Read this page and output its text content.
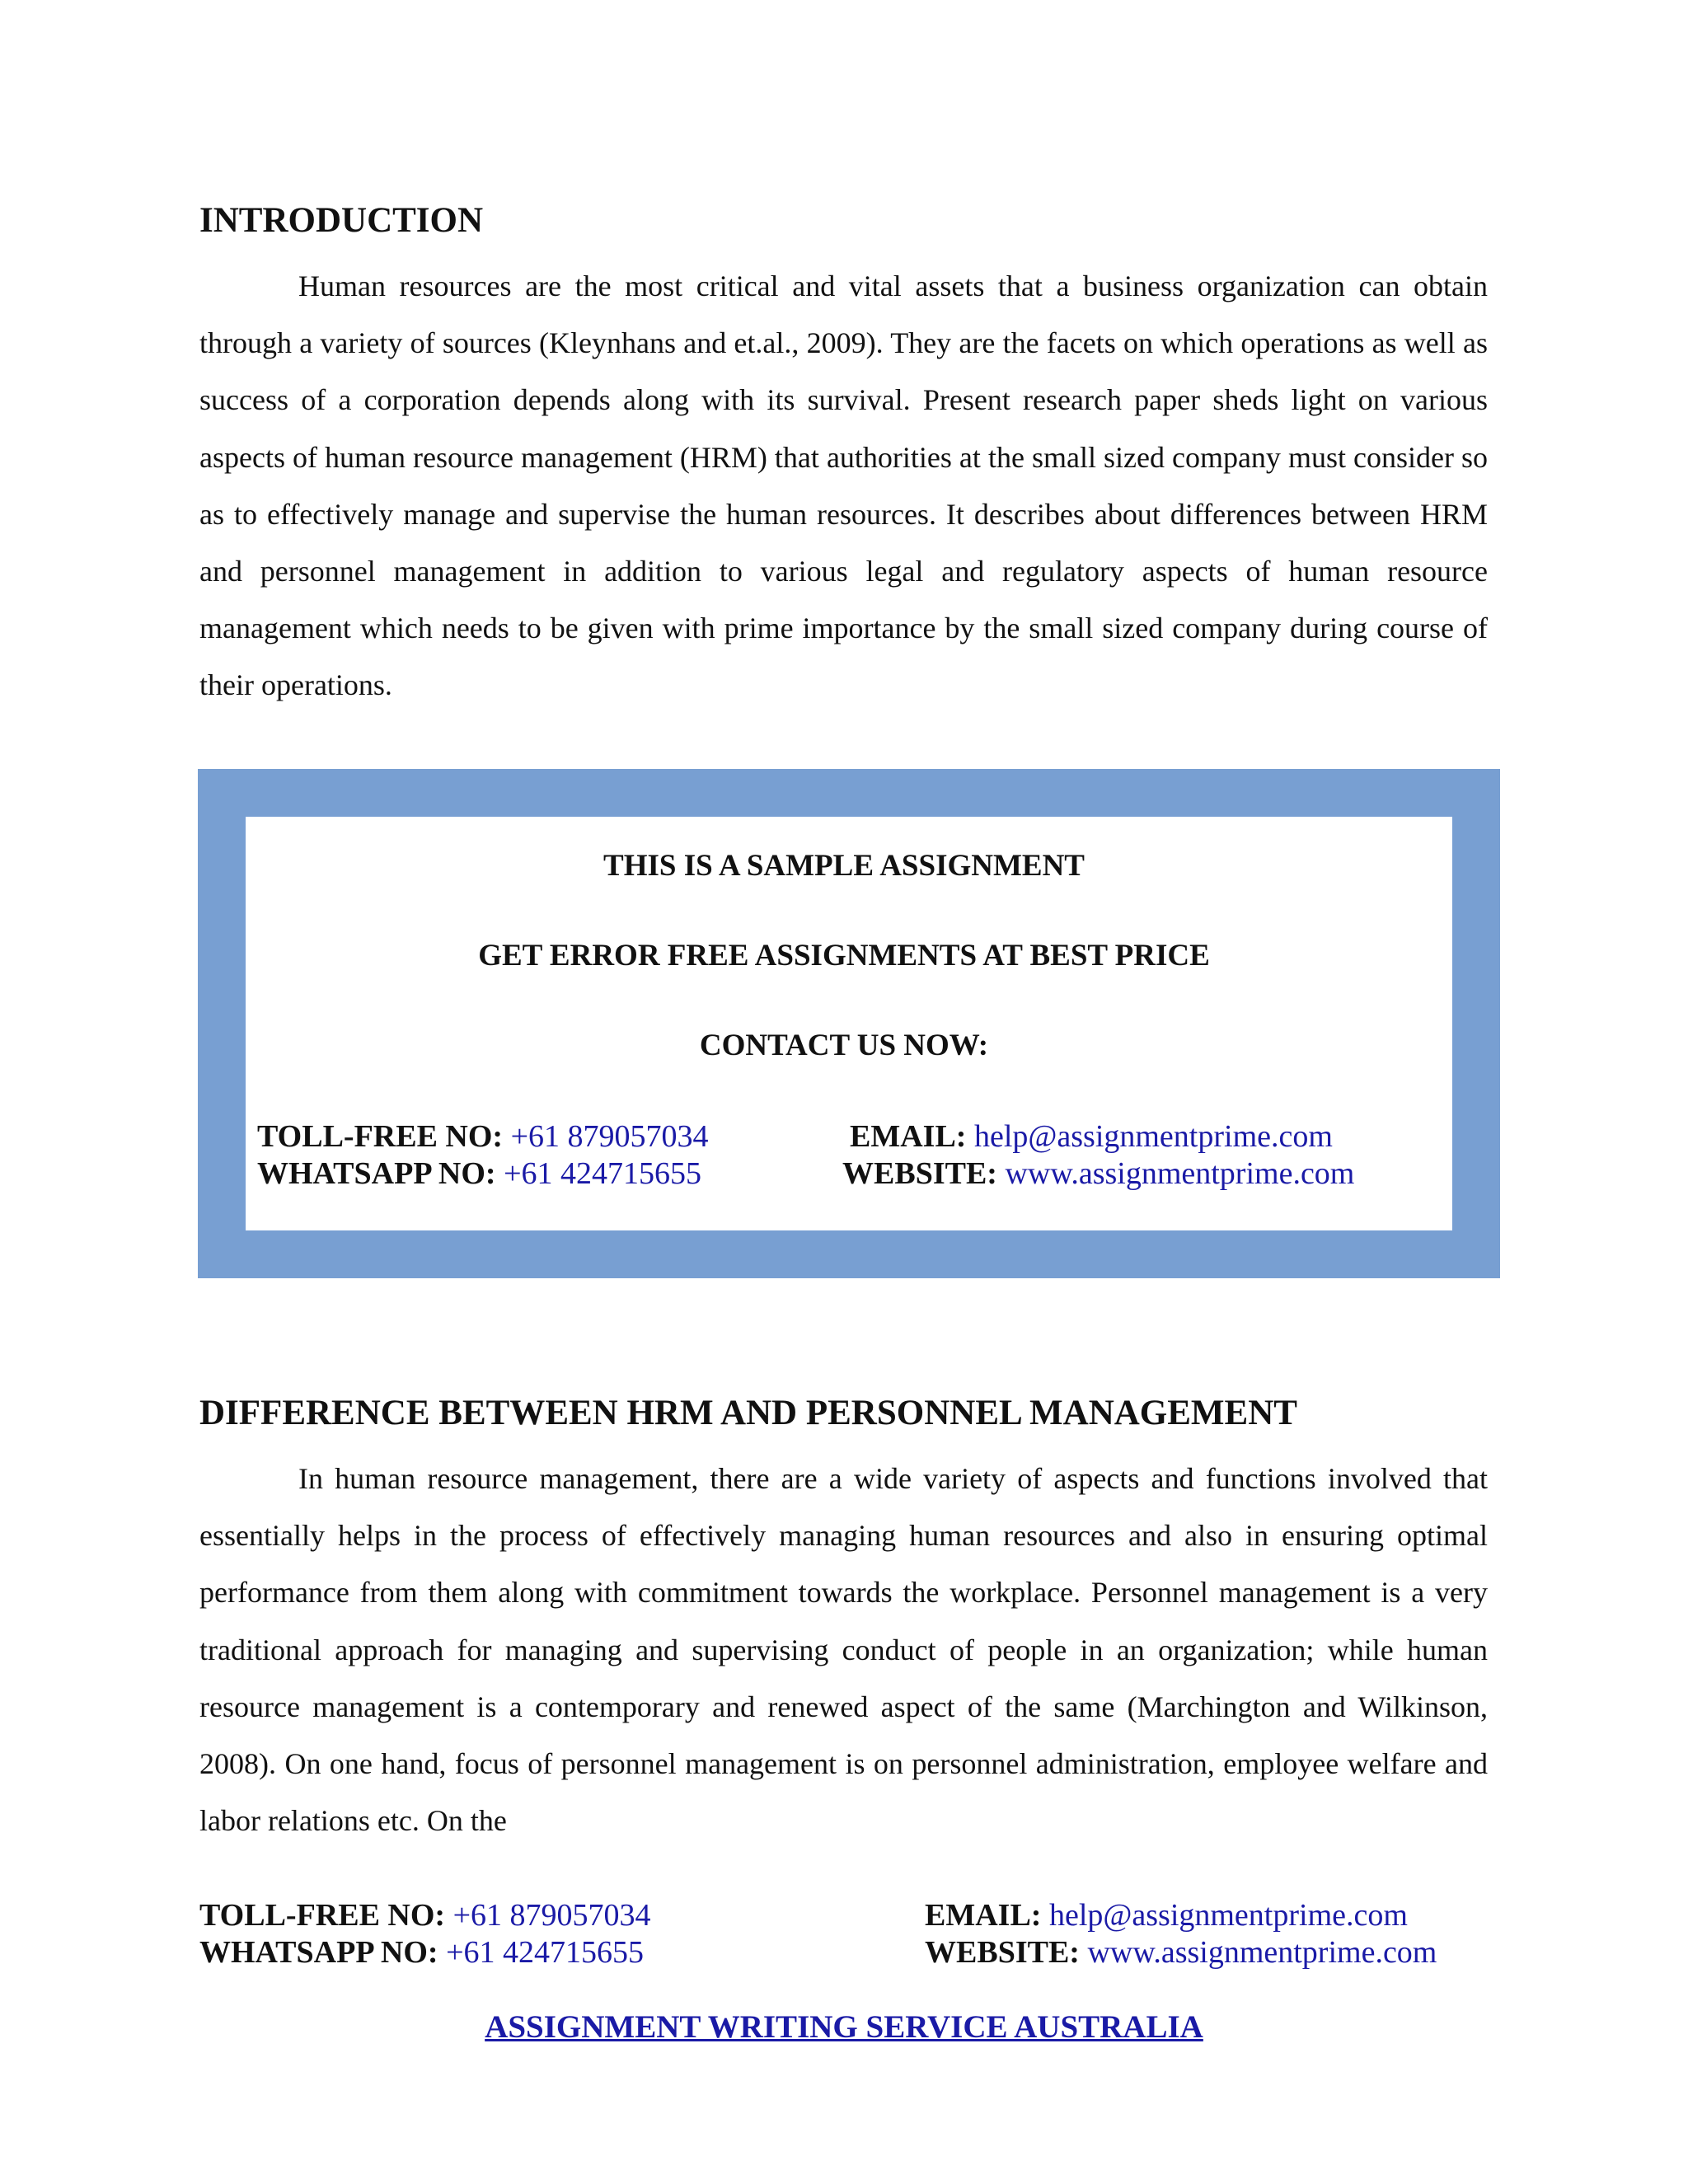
INTRODUCTION

Human resources are the most critical and vital assets that a business organization can obtain through a variety of sources (Kleynhans and et.al., 2009). They are the facets on which operations as well as success of a corporation depends along with its survival. Present research paper sheds light on various aspects of human resource management (HRM) that authorities at the small sized company must consider so as to effectively manage and supervise the human resources. It describes about differences between HRM and personnel management in addition to various legal and regulatory aspects of human resource management which needs to be given with prime importance by the small sized company during course of their operations.

THIS IS A SAMPLE ASSIGNMENT

GET ERROR FREE ASSIGNMENTS AT BEST PRICE

CONTACT US NOW:

TOLL-FREE NO: +61 879057034

WHATSAPP NO: +61 424715655

EMAIL: help@assignmentprime.com

WEBSITE: www.assignmentprime.com

DIFFERENCE BETWEEN HRM AND PERSONNEL MANAGEMENT

In human resource management, there are a wide variety of aspects and functions involved that essentially helps in the process of effectively managing human resources and also in ensuring optimal performance from them along with commitment towards the workplace. Personnel management is a very traditional approach for managing and supervising conduct of people in an organization; while human resource management is a contemporary and renewed aspect of the same (Marchington and Wilkinson, 2008). On one hand, focus of personnel management is on personnel administration, employee welfare and labor relations etc. On the

TOLL-FREE NO: +61 879057034

WHATSAPP NO: +61 424715655

EMAIL: help@assignmentprime.com

WEBSITE: www.assignmentprime.com

ASSIGNMENT WRITING SERVICE AUSTRALIA
